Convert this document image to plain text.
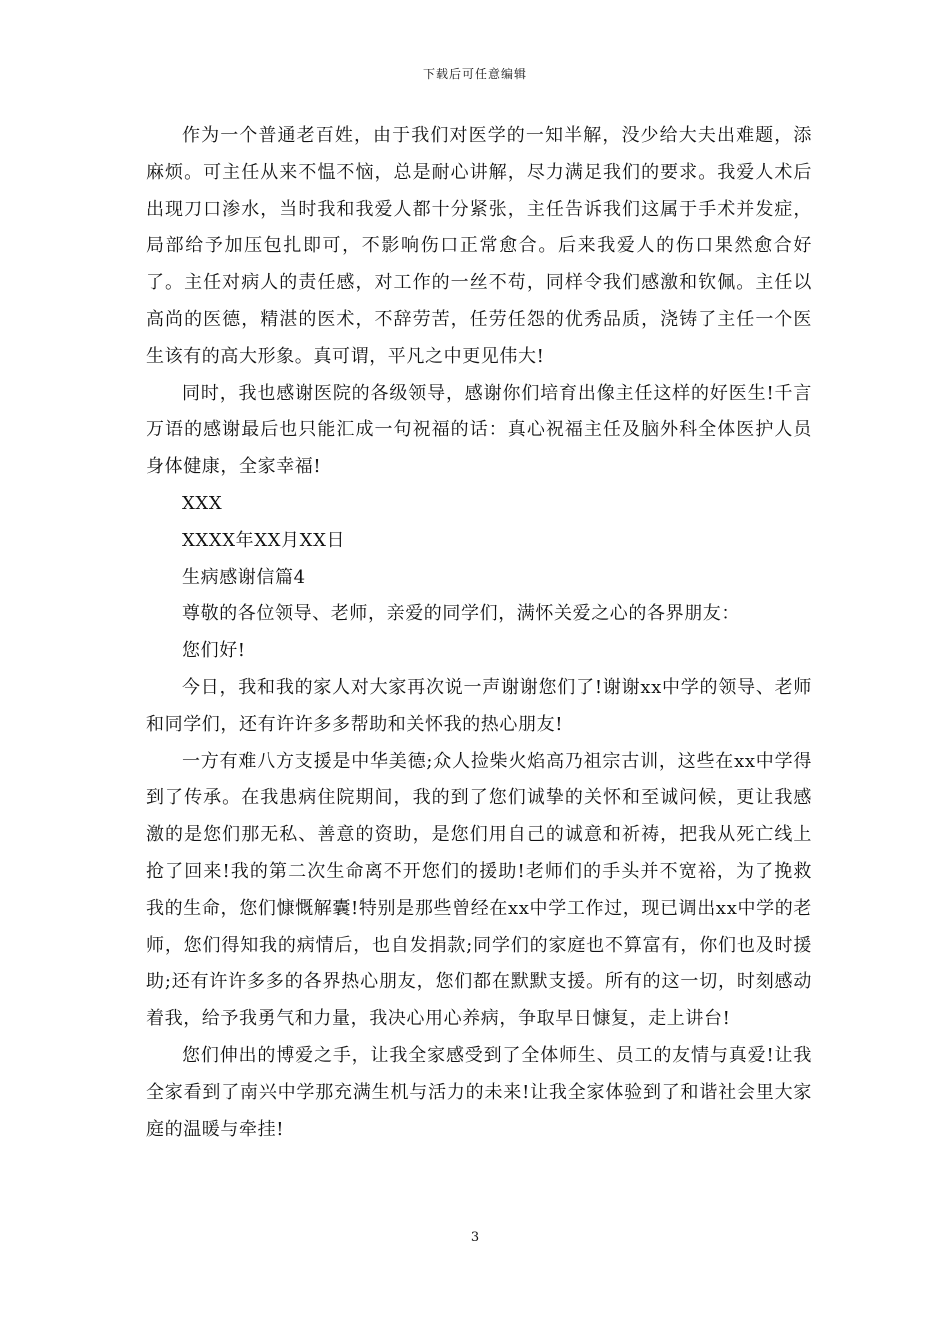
下载后可任意编辑

作为一个普通老百姓，由于我们对医学的一知半解，没少给大夫出难题，添麻烦。可主任从来不愠不恼，总是耐心讲解，尽力满足我们的要求。我爱人术后出现刀口渗水，当时我和我爱人都十分紧张，主任告诉我们这属于手术并发症，局部给予加压包扎即可，不影响伤口正常愈合。后来我爱人的伤口果然愈合好了。主任对病人的责任感，对工作的一丝不苟，同样令我们感激和钦佩。主任以高尚的医德，精湛的医术，不辞劳苦，任劳任怨的优秀品质，浇铸了主任一个医生该有的高大形象。真可谓，平凡之中更见伟大!

同时，我也感谢医院的各级领导，感谢你们培育出像主任这样的好医生!千言万语的感谢最后也只能汇成一句祝福的话：真心祝福主任及脑外科全体医护人员身体健康，全家幸福!

XXX

XXXX年XX月XX日

生病感谢信篇4

尊敬的各位领导、老师，亲爱的同学们，满怀关爱之心的各界朋友：

您们好!

今日，我和我的家人对大家再次说一声谢谢您们了!谢谢xx中学的领导、老师和同学们，还有许许多多帮助和关怀我的热心朋友!

一方有难八方支援是中华美德;众人捡柴火焰高乃祖宗古训，这些在xx中学得到了传承。在我患病住院期间，我的到了您们诚挚的关怀和至诚问候，更让我感激的是您们那无私、善意的资助，是您们用自己的诚意和祈祷，把我从死亡线上抢了回来!我的第二次生命离不开您们的援助!老师们的手头并不宽裕，为了挽救我的生命，您们慷慨解囊!特别是那些曾经在xx中学工作过，现已调出xx中学的老师，您们得知我的病情后，也自发捐款;同学们的家庭也不算富有，你们也及时援助;还有许许多多的各界热心朋友，您们都在默默支援。所有的这一切，时刻感动着我，给予我勇气和力量，我决心用心养病，争取早日慷复，走上讲台!

您们伸出的博爱之手，让我全家感受到了全体师生、员工的友情与真爱!让我全家看到了南兴中学那充满生机与活力的未来!让我全家体验到了和谐社会里大家庭的温暖与牵挂!

3
